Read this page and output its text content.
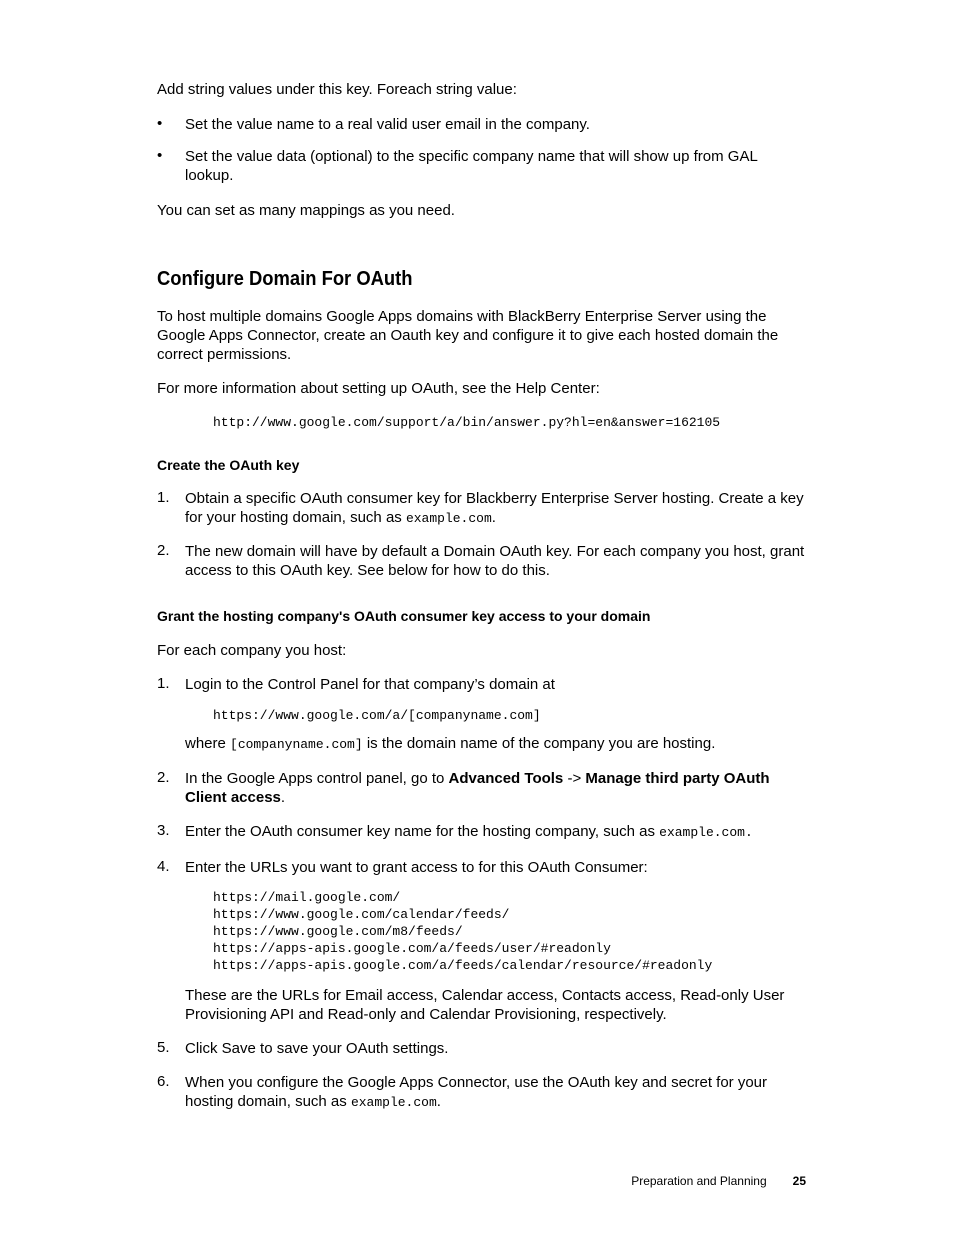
Add string values under this key. Foreach string value:

•	Set the value name to a real valid user email in the company.
•	Set the value data (optional) to the specific company name that will show up from GAL lookup.

You can set as many mappings as you need.

Configure Domain For OAuth

To host multiple domains Google Apps domains with BlackBerry Enterprise Server using the Google Apps Connector, create an Oauth key and configure it to give each hosted domain the correct permissions.

For more information about setting up OAuth, see the Help Center:

http://www.google.com/support/a/bin/answer.py?hl=en&answer=162105
Create the OAuth key
1.	Obtain a specific OAuth consumer key for Blackberry Enterprise Server hosting. Create a key for your hosting domain, such as example.com.
2.	The new domain will have by default a Domain OAuth key. For each company you host, grant access to this OAuth key. See below for how to do this.
Grant the hosting company's OAuth consumer key access to your domain

For each company you host:

1.	Login to the Control Panel for that company’s domain at
https://www.google.com/a/[companyname.com]
where [companyname.com] is the domain name of the company you are hosting.
2.	In the Google Apps control panel, go to Advanced Tools -> Manage third party OAuth Client access.
3.	Enter the OAuth consumer key name for the hosting company, such as example.com.
4.	Enter the URLs you want to grant access to for this OAuth Consumer:
https://mail.google.com/
https://www.google.com/calendar/feeds/
https://www.google.com/m8/feeds/
https://apps-apis.google.com/a/feeds/user/#readonly
https://apps-apis.google.com/a/feeds/calendar/resource/#readonly
These are the URLs for Email access, Calendar access, Contacts access, Read-only User Provisioning API and Read-only and Calendar Provisioning, respectively.
5.	Click Save to save your OAuth settings.
6.	When you configure the Google Apps Connector, use the OAuth key and secret for your hosting domain, such as example.com.
Preparation and Planning 25
